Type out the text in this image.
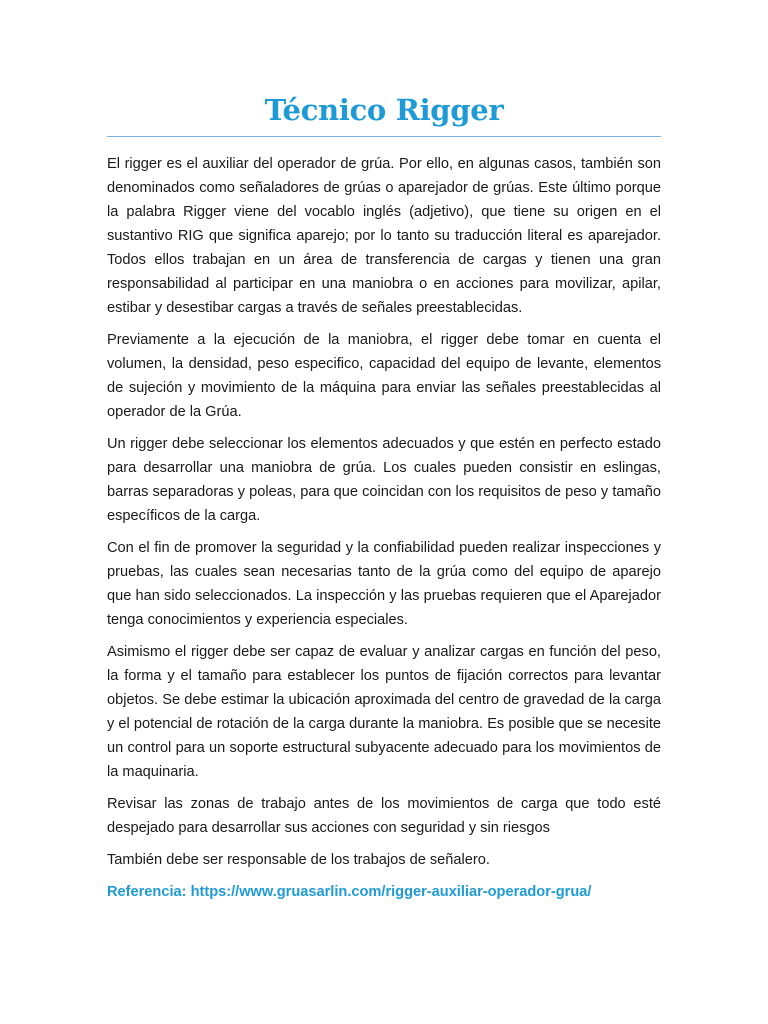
Técnico Rigger

El rigger es el auxiliar del operador de grúa. Por ello, en algunas casos, también son denominados como señaladores de grúas o aparejador de grúas. Este último porque la palabra Rigger viene del vocablo inglés (adjetivo), que tiene su origen en el sustantivo RIG que significa aparejo; por lo tanto su traducción literal es aparejador. Todos ellos trabajan en un área de transferencia de cargas y tienen una gran responsabilidad al participar en una maniobra o en acciones para movilizar, apilar, estibar y desestibar cargas a través de señales preestablecidas.

Previamente a la ejecución de la maniobra, el rigger debe tomar en cuenta el volumen, la densidad, peso especifico, capacidad del equipo de levante, elementos de sujeción y movimiento de la máquina para enviar las señales preestablecidas al operador de la Grúa.

Un rigger debe seleccionar los elementos adecuados y que estén en perfecto estado para desarrollar una maniobra de grúa. Los cuales pueden consistir en eslingas, barras separadoras y poleas, para que coincidan con los requisitos de peso y tamaño específicos de la carga.

Con el fin de promover la seguridad y la confiabilidad pueden realizar inspecciones y pruebas, las cuales sean necesarias tanto de la grúa como del equipo de aparejo que han sido seleccionados. La inspección y las pruebas requieren que el Aparejador tenga conocimientos y experiencia especiales.

Asimismo el rigger debe ser capaz de evaluar y analizar cargas en función del peso, la forma y el tamaño para establecer los puntos de fijación correctos para levantar objetos. Se debe estimar la ubicación aproximada del centro de gravedad de la carga y el potencial de rotación de la carga durante la maniobra. Es posible que se necesite un control para un soporte estructural subyacente adecuado para los movimientos de la maquinaria.

Revisar las zonas de trabajo antes de los movimientos de carga que todo esté despejado para desarrollar sus acciones con seguridad y sin riesgos

También debe ser responsable de los trabajos de señalero.

Referencia: https://www.gruasarlin.com/rigger-auxiliar-operador-grua/
